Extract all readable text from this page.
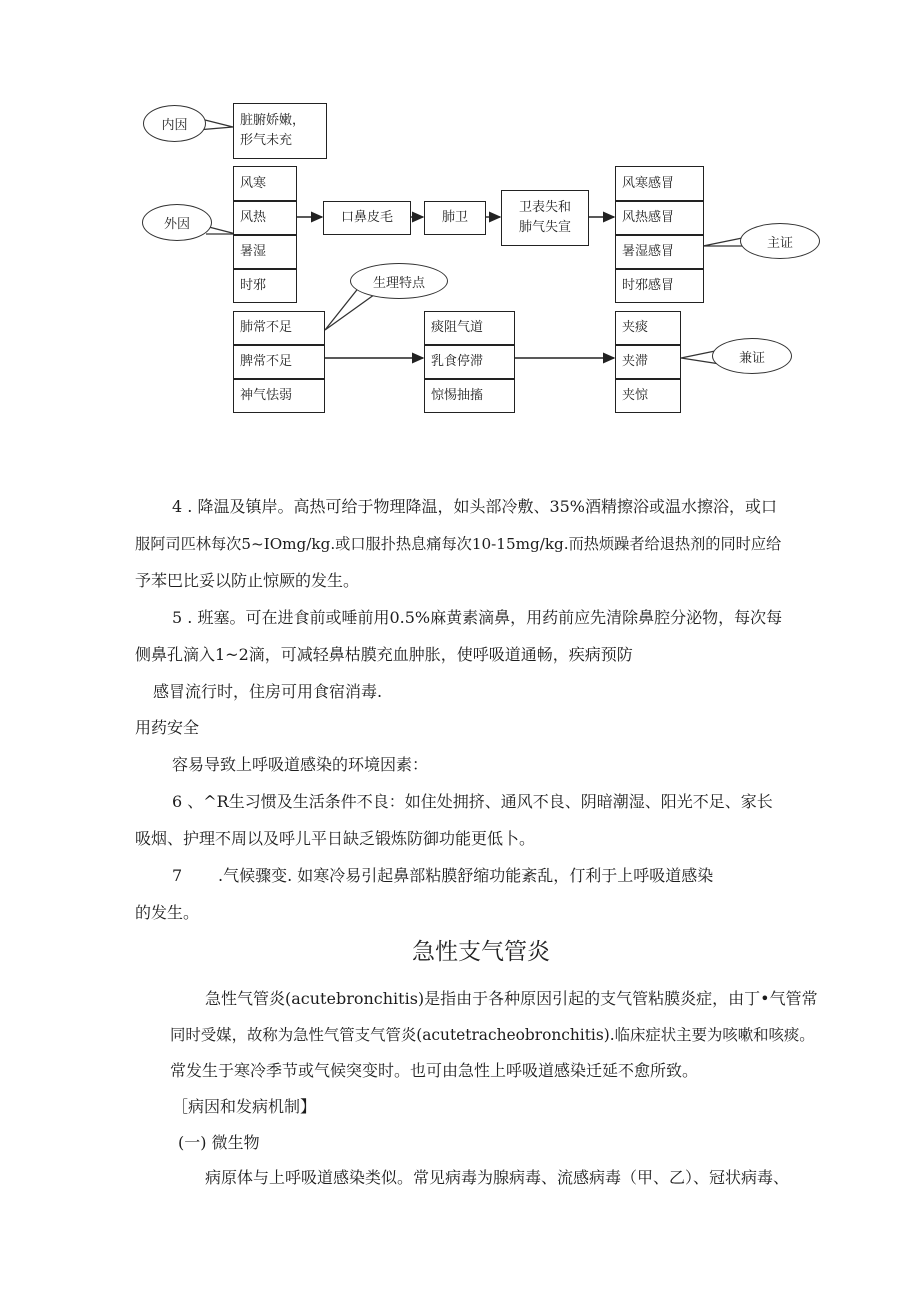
内因
外因
生理特点
主证
兼证
脏腑娇嫩，
形气未充
风寒
风热
暑湿
时邪
口鼻皮毛	肺卫
卫表失和
肺气失宣
风寒感冒
风热感冒
暑湿感冒
时邪感冒
肺常不足
脾常不足
神气怯弱
痰阻气道
乳食停滞
惊惕抽搐
夹痰
夹滞
夹惊
4 . 降温及镇岸。高热可给于物理降温，如头部冷敷、35%酒精擦浴或温水擦浴，或口
服阿司匹林每次5~IOmg∕kg.或口服扑热息痛每次10-15mg∕kg.而热烦躁者给退热剂的同时应给
予苯巴比妥以防止惊厥的发生。
5 . 班塞。可在进食前或唾前用0.5%麻黄素滴鼻，用药前应先清除鼻腔分泌物，每次每
侧鼻孔滴入1~2滴，可减轻鼻枯膜充血肿胀，使呼吸道通畅，疾病预防
感冒流行时，住房可用食宿消毒.
用药安全
容易导致上呼吸道感染的环境因素：
6 、^R生习惯及生活条件不良：如住处拥挤、通风不良、阴暗潮湿、阳光不足、家长
吸烟、护理不周以及呼儿平日缺乏锻炼防御功能更低卜。
7 .气候骤变. 如寒冷易引起鼻部粘膜舒缩功能紊乱，仃利于上呼吸道感染
的发生。
急性支气管炎
急性气管炎(acutebronchitis)是指由于各种原因引起的支气管粘膜炎症，由丁•气管常
同时受媒，故称为急性气管支气管炎(acutetracheobronchitis).临床症状主要为咳嗽和咳痰。
常发生于寒冷季节或气候突变时。也可由急性上呼吸道感染迁延不愈所致。
［病因和发病机制】
(一) 微生物
病原体与上呼吸道感染类似。常见病毒为腺病毒、流感病毒（甲、乙）、冠状病毒、
